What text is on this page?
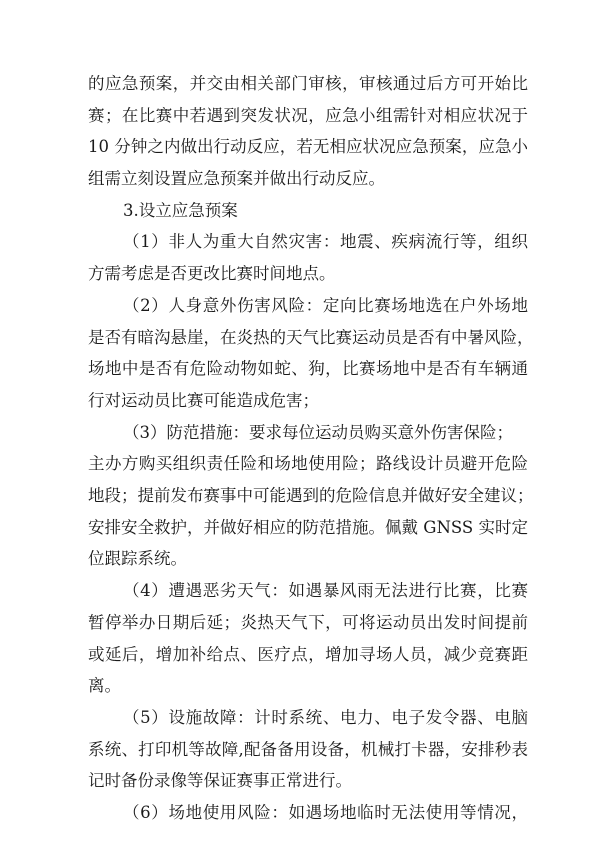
的应急预案，并交由相关部门审核，审核通过后方可开始比
赛；在比赛中若遇到突发状况，应急小组需针对相应状况于
10 分钟之内做出行动反应，若无相应状况应急预案，应急小
组需立刻设置应急预案并做出行动反应。
3.设立应急预案
（1）非人为重大自然灾害：地震、疾病流行等，组织
方需考虑是否更改比赛时间地点。
（2）人身意外伤害风险：定向比赛场地选在户外场地
是否有暗沟悬崖，在炎热的天气比赛运动员是否有中暑风险，
场地中是否有危险动物如蛇、狗，比赛场地中是否有车辆通
行对运动员比赛可能造成危害；
（3）防范措施：要求每位运动员购买意外伤害保险；
主办方购买组织责任险和场地使用险；路线设计员避开危险
地段；提前发布赛事中可能遇到的危险信息并做好安全建议；
安排安全救护，并做好相应的防范措施。佩戴 GNSS 实时定
位跟踪系统。
（4）遭遇恶劣天气：如遇暴风雨无法进行比赛，比赛
暂停举办日期后延；炎热天气下，可将运动员出发时间提前
或延后，增加补给点、医疗点，增加寻场人员，减少竞赛距
离。
（5）设施故障：计时系统、电力、电子发令器、电脑
系统、打印机等故障,配备备用设备，机械打卡器，安排秒表
记时备份录像等保证赛事正常进行。
（6）场地使用风险：如遇场地临时无法使用等情况，
